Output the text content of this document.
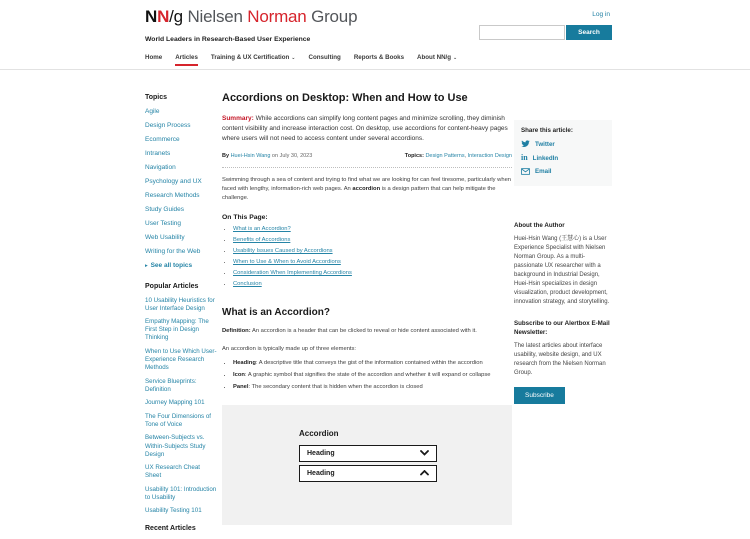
NN/g Nielsen Norman Group	Log in
Search
World Leaders in Research-Based User Experience
Home Articles Training & UX Certification ⌄ Consulting Reports & Books About NN/g ⌄
Topics
Agile
Design Process
Ecommerce
Intranets
Navigation
Psychology and UX
Research Methods
Study Guides
User Testing
Web Usability
Writing for the Web
▸ See all topics
Popular Articles
10 Usability Heuristics for User Interface Design
Empathy Mapping: The First Step in Design Thinking
When to Use Which User-Experience Research Methods
Service Blueprints: Definition
Journey Mapping 101
The Four Dimensions of Tone of Voice
Between-Subjects vs. Within-Subjects Study Design
UX Research Cheat Sheet
Usability 101: Introduction to Usability
Usability Testing 101
Recent Articles
Accordions on Desktop: When and How to Use

Summary: While accordions can simplify long content pages and minimize scrolling, they diminish content visibility and increase interaction cost. On desktop, use accordions for content-heavy pages where users will not need to access content under several accordions.

By Huei-Hsin Wang on July 30, 2023	Topics: Design Patterns , Interaction Design

Swimming through a sea of content and trying to find what we are looking for can feel tiresome, particularly when faced with lengthy, information-rich web pages. An accordion is a design pattern that can help mitigate the challenge.

On This Page:
• What is an Accordion?
• Benefits of Accordions
• Usability Issues Caused by Accordions
• When to Use & When to Avoid Accordions
• Consideration When Implementing Accordions
• Conclusion
What is an Accordion?

Definition: An accordion is a header that can be clicked to reveal or hide content associated with it.

An accordion is typically made up of three elements:

• Heading: A descriptive title that conveys the gist of the information contained within the accordion
• Icon: A graphic symbol that signifies the state of the accordion and whether it will expand or collapse
• Panel: The secondary content that is hidden when the accordion is closed
Accordion
Heading
Heading
Share this article:
Twitter
in LinkedIn
Email
About the Author

Huei-Hsin Wang (王慧心) is a User Experience Specialist with Nielsen Norman Group. As a multi-passionate UX researcher with a background in Industrial Design, Huei-Hsin specializes in design visualization, product development, innovation strategy, and storytelling.

Subscribe to our Alertbox E-Mail Newsletter:

The latest articles about interface usability, website design, and UX research from the Nielsen Norman Group.

Subscribe
